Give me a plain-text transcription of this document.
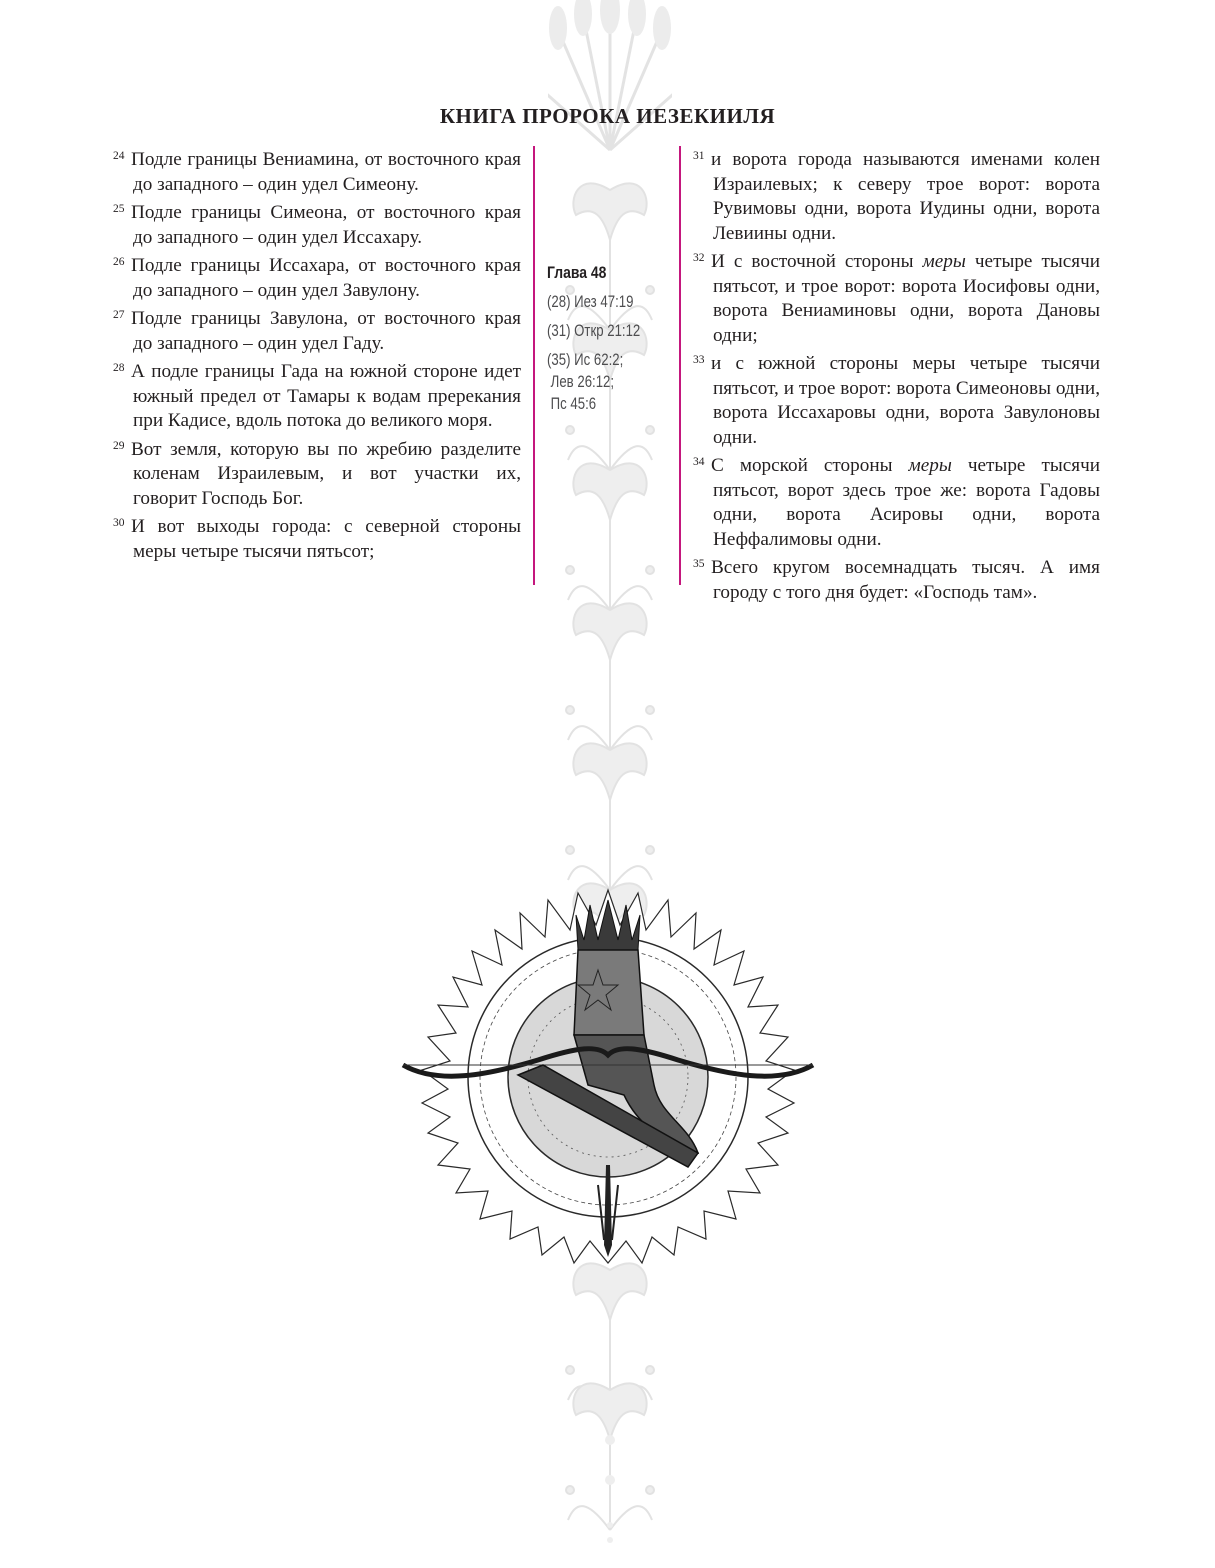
КНИГА ПРОРОКА ИЕЗЕКИИЛЯ
24 Подле границы Вениамина, от восточного края до западного – один удел Симеону.
25 Подле границы Симеона, от восточного края до западного – один удел Иссахару.
26 Подле границы Иссахара, от восточного края до западного – один удел Завулону.
27 Подле границы Завулона, от восточного края до западного – один удел Гаду.
28 А подле границы Гада на южной стороне идет южный предел от Тамары к водам пререкания при Кадисе, вдоль потока до великого моря.
29 Вот земля, которую вы по жребию разделите коленам Израилевым, и вот участки их, говорит Господь Бог.
30 И вот выходы города: с северной стороны меры четыре тысячи пятьсот;
Глава 48
(28) Иез 47:19
(31) Откр 21:12
(35) Ис 62:2;
Лев 26:12;
Пс 45:6
31 и ворота города называются именами колен Израилевых; к северу трое ворот: ворота Рувимовы одни, ворота Иудины одни, ворота Левиины одни.
32 И с восточной стороны меры четыре тысячи пятьсот, и трое ворот: ворота Иосифовы одни, ворота Вениаминовы одни, ворота Дановы одни;
33 и с южной стороны меры четыре тысячи пятьсот, и трое ворот: ворота Симеоновы одни, ворота Иссахаровы одни, ворота Завулоновы одни.
34 С морской стороны меры четыре тысячи пятьсот, ворот здесь трое же: ворота Гадовы одни, ворота Асировы одни, ворота Неффалимовы одни.
35 Всего кругом восемнадцать тысяч. А имя городу с того дня будет: «Господь там».
